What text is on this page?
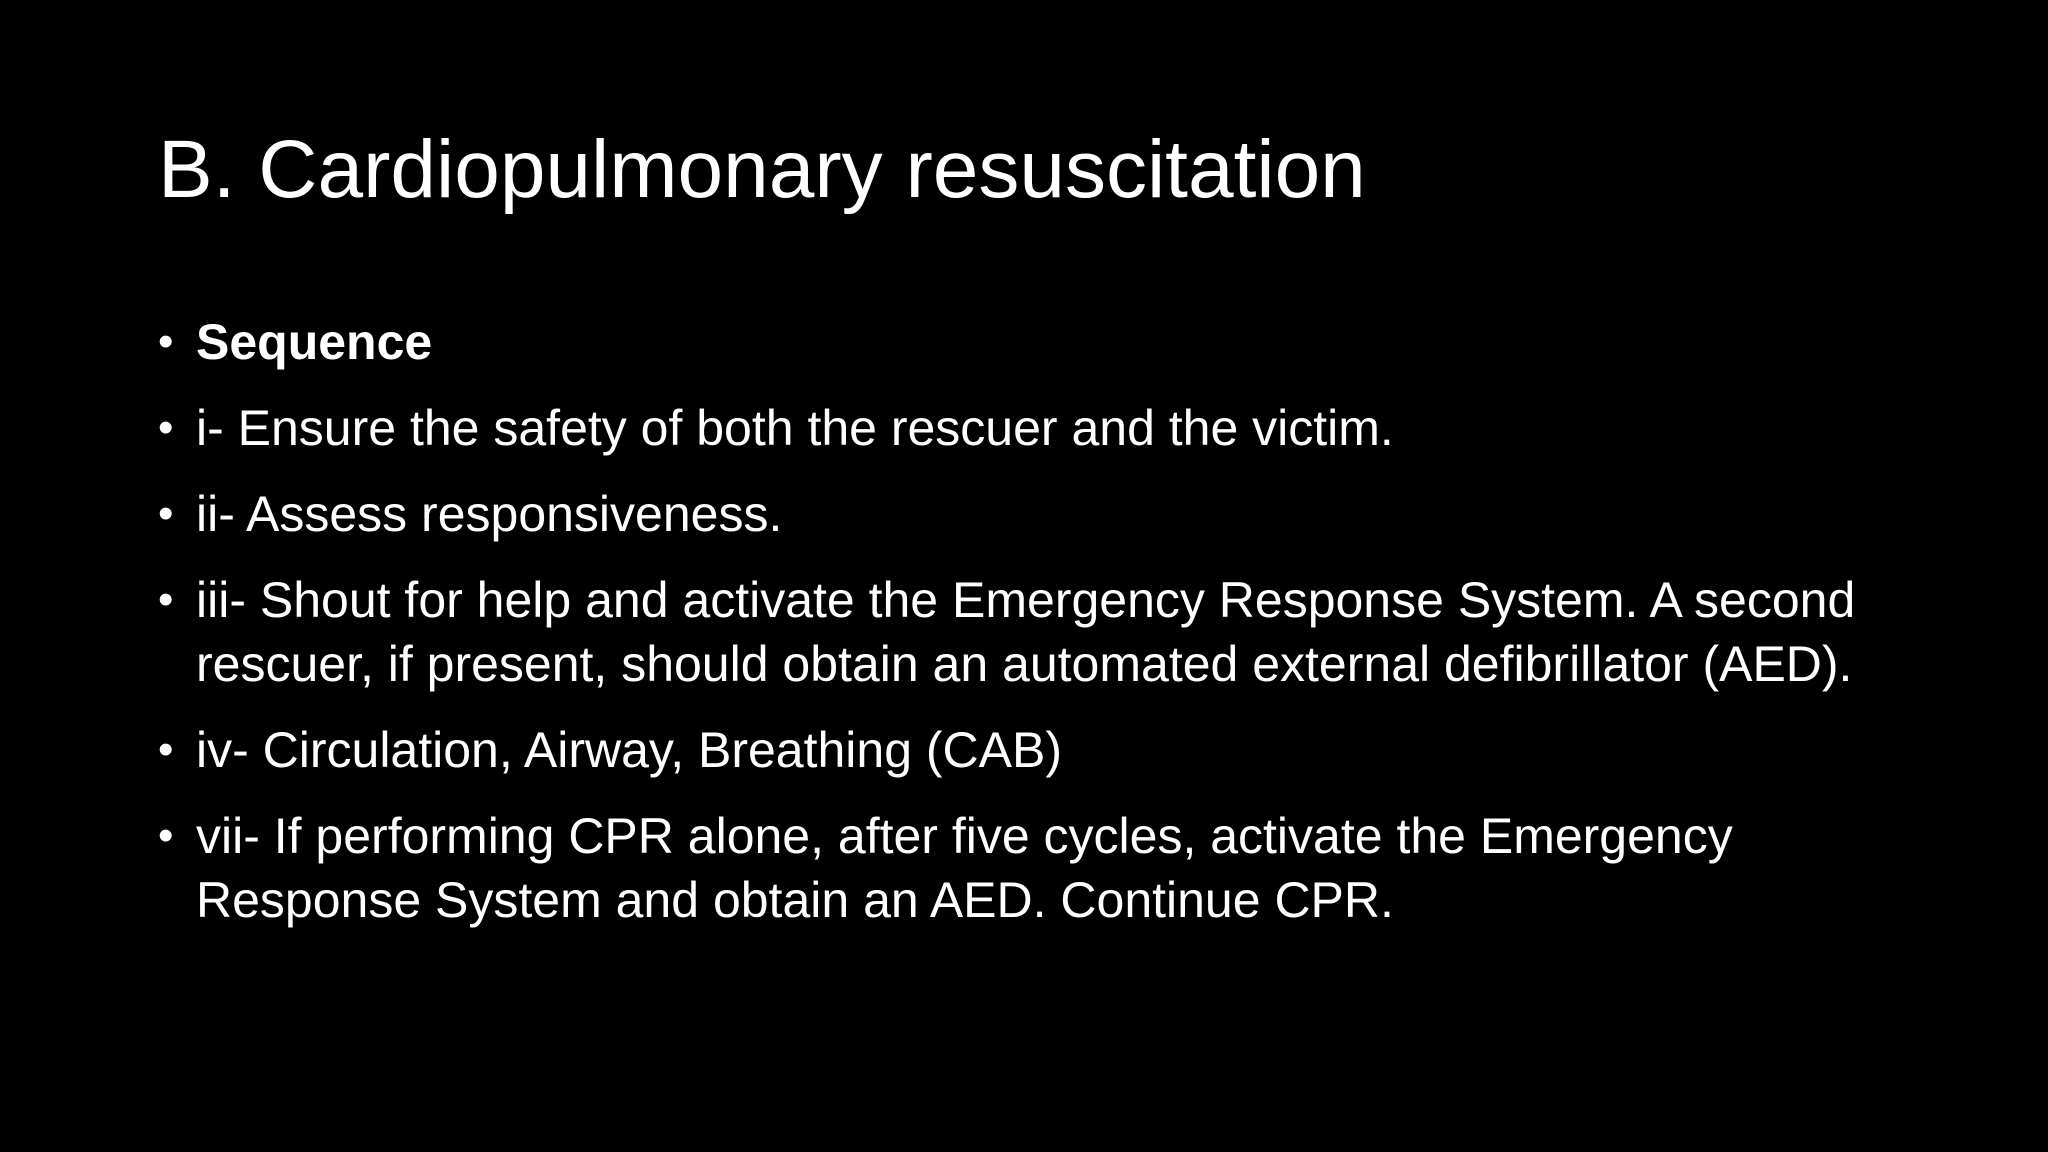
B. Cardiopulmonary resuscitation
• Sequence
• i- Ensure the safety of both the rescuer and the victim.
• ii- Assess responsiveness.
• iii- Shout for help and activate the Emergency Response System. A second rescuer, if present, should obtain an automated external defibrillator (AED).
• iv- Circulation, Airway, Breathing (CAB)
• vii- If performing CPR alone, after five cycles, activate the Emergency Response System and obtain an AED. Continue CPR.
